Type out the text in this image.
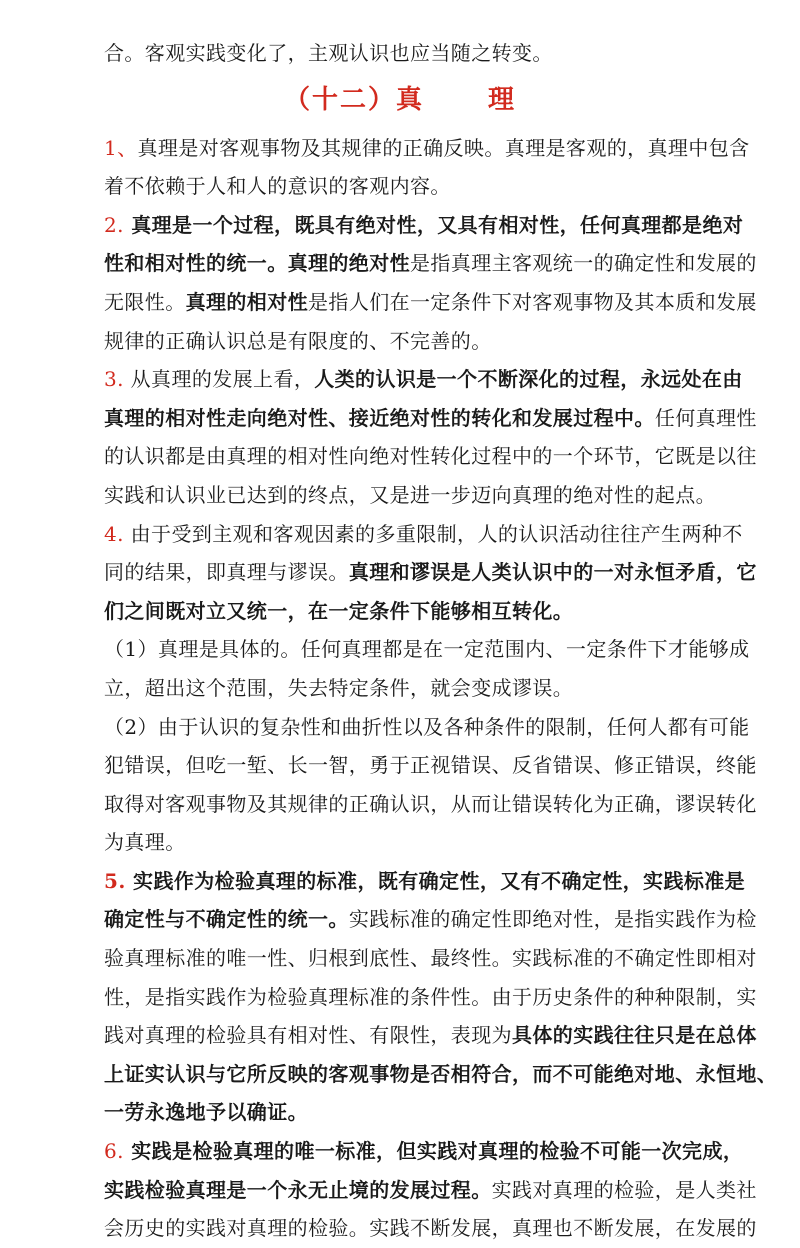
合。客观实践变化了，主观认识也应当随之转变。
（十二）真 理
1、真理是对客观事物及其规律的正确反映。真理是客观的，真理中包含
着不依赖于人和人的意识的客观内容。
2. 真理是一个过程，既具有绝对性，又具有相对性，任何真理都是绝对
性和相对性的统一。真理的绝对性是指真理主客观统一的确定性和发展的
无限性。真理的相对性是指人们在一定条件下对客观事物及其本质和发展
规律的正确认识总是有限度的、不完善的。
3. 从真理的发展上看，人类的认识是一个不断深化的过程，永远处在由
真理的相对性走向绝对性、接近绝对性的转化和发展过程中。任何真理性
的认识都是由真理的相对性向绝对性转化过程中的一个环节，它既是以往
实践和认识业已达到的终点，又是进一步迈向真理的绝对性的起点。
4. 由于受到主观和客观因素的多重限制，人的认识活动往往产生两种不
同的结果，即真理与谬误。真理和谬误是人类认识中的一对永恒矛盾，它
们之间既对立又统一，在一定条件下能够相互转化。
（1）真理是具体的。任何真理都是在一定范围内、一定条件下才能够成
立，超出这个范围，失去特定条件，就会变成谬误。
（2）由于认识的复杂性和曲折性以及各种条件的限制，任何人都有可能
犯错误，但吃一堑、长一智，勇于正视错误、反省错误、修正错误，终能
取得对客观事物及其规律的正确认识，从而让错误转化为正确，谬误转化
为真理。
5. 实践作为检验真理的标准，既有确定性，又有不确定性，实践标准是
确定性与不确定性的统一。实践标准的确定性即绝对性，是指实践作为检
验真理标准的唯一性、归根到底性、最终性。实践标准的不确定性即相对
性，是指实践作为检验真理标准的条件性。由于历史条件的种种限制，实
践对真理的检验具有相对性、有限性，表现为具体的实践往往只是在总体
上证实认识与它所反映的客观事物是否相符合，而不可能绝对地、永恒地、
一劳永逸地予以确证。
6. 实践是检验真理的唯一标准，但实践对真理的检验不可能一次完成，
实践检验真理是一个永无止境的发展过程。实践对真理的检验，是人类社
会历史的实践对真理的检验。实践不断发展，真理也不断发展，在发展的
